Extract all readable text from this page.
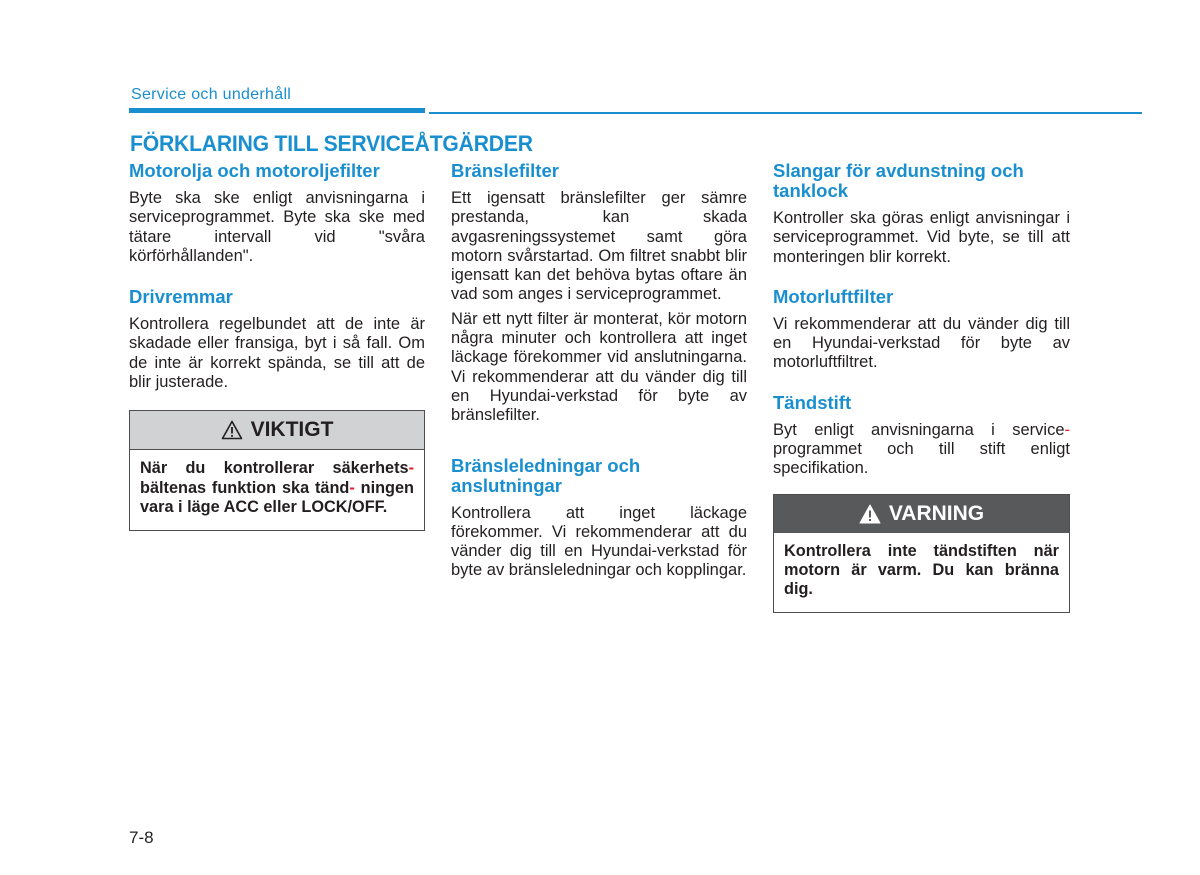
Service och underhåll
FÖRKLARING TILL SERVICEÅTGÄRDER
Motorolja och motoroljefilter

Byte ska ske enligt anvisningarna i serviceprogrammet. Byte ska ske med tätare intervall vid "svåra körförhållanden".

Drivremmar

Kontrollera regelbundet att de inte är skadade eller fransiga, byt i så fall. Om de inte är korrekt spända, se till att de blir justerade.

VIKTIGT
När du kontrollerar säkerhets- bältenas funktion ska tänd- ningen vara i läge ACC eller LOCK/OFF.
Bränslefilter

Ett igensatt bränslefilter ger sämre prestanda, kan skada avgasreningssystemet samt göra motorn svårstartad. Om filtret snabbt blir igensatt kan det behöva bytas oftare än vad som anges i serviceprogrammet.

När ett nytt filter är monterat, kör motorn några minuter och kontrollera att inget läckage förekommer vid anslutningarna. Vi rekommenderar att du vänder dig till en Hyundai-verkstad för byte av bränslefilter.

Bränsleledningar och anslutningar

Kontrollera att inget läckage förekommer. Vi rekommenderar att du vänder dig till en Hyundai-verkstad för byte av bränsleledningar och kopplingar.

Slangar för avdunstning och tanklock

Kontroller ska göras enligt anvisningar i serviceprogrammet. Vid byte, se till att monteringen blir korrekt.

Motorluftfilter

Vi rekommenderar att du vänder dig till en Hyundai-verkstad för byte av motorluftfiltret.

Tändstift

Byt enligt anvisningarna i service- programmet och till stift enligt specifikation.

VARNING
Kontrollera inte tändstiften när motorn är varm. Du kan bränna dig.
7-8
